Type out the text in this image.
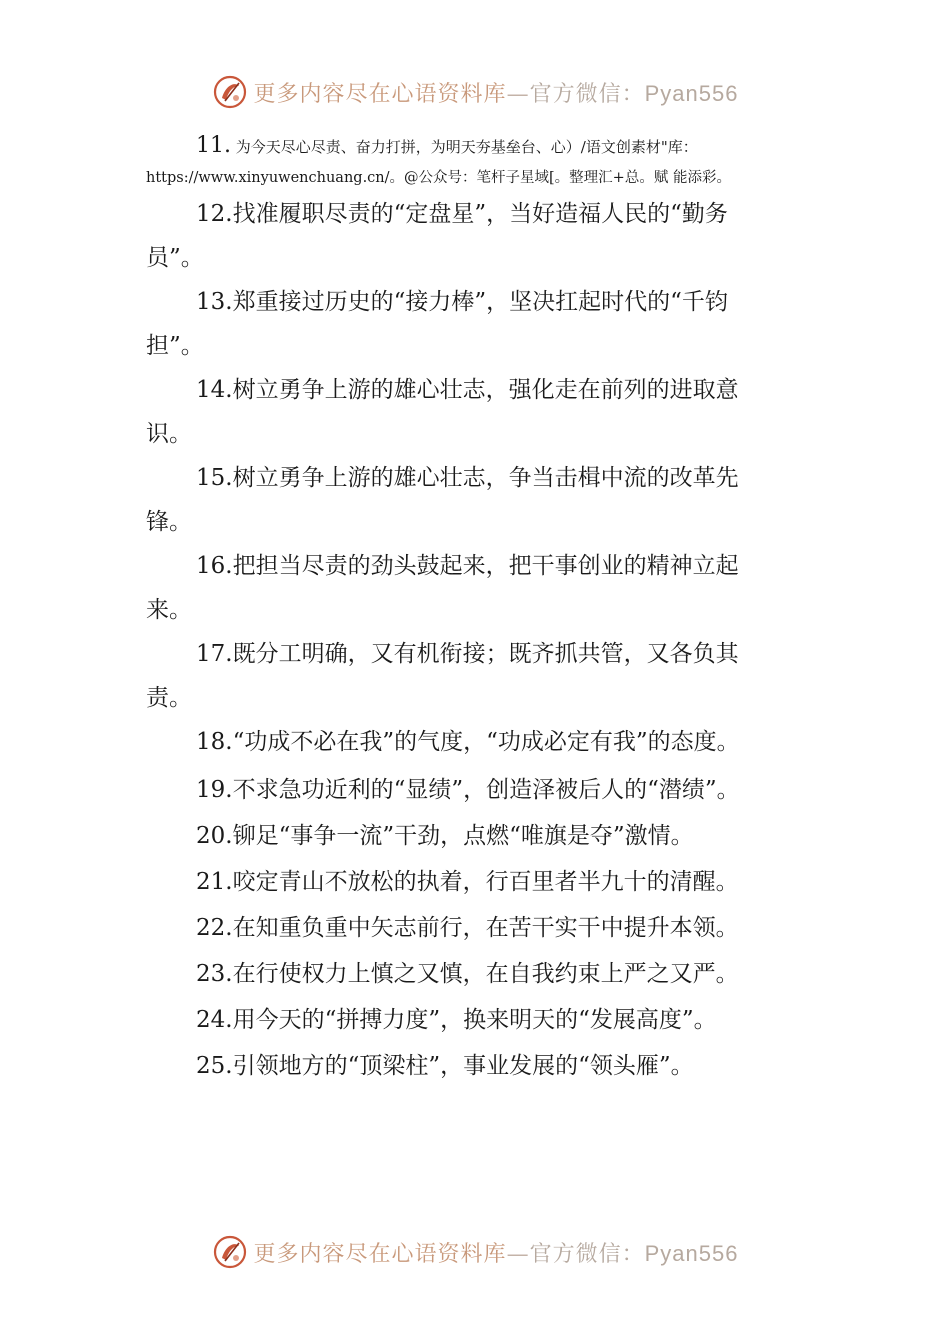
更多内容尽在心语资料库—官方微信：Pyan556
11. 为今天尽心尽责、奋力打拼，为明天夯基垒台、心）/语文创素材"库：
https://www.xinyuwenchuang.cn/。@公众号：笔杆子星域[。整理汇+总。赋 能添彩。
12.找准履职尽责的“定盘星”，当好造福人民的“勤务
员”。
13.郑重接过历史的“接力棒”，坚决扛起时代的“千钧
担”。
14.树立勇争上游的雄心壮志，强化走在前列的进取意
识。
15.树立勇争上游的雄心壮志，争当击楫中流的改革先
锋。
16.把担当尽责的劲头鼓起来，把干事创业的精神立起
来。
17.既分工明确，又有机衔接；既齐抓共管，又各负其
责。
18.“功成不必在我”的气度，“功成必定有我”的态度。
19.不求急功近利的“显绩”，创造泽被后人的“潜绩”。
20.铆足“事争一流”干劲，点燃“唯旗是夺”激情。
21.咬定青山不放松的执着，行百里者半九十的清醒。
22.在知重负重中矢志前行，在苦干实干中提升本领。
23.在行使权力上慎之又慎，在自我约束上严之又严。
24.用今天的“拼搏力度”，换来明天的“发展高度”。
25.引领地方的“顶梁柱”，事业发展的“领头雁”。
更多内容尽在心语资料库—官方微信：Pyan556
